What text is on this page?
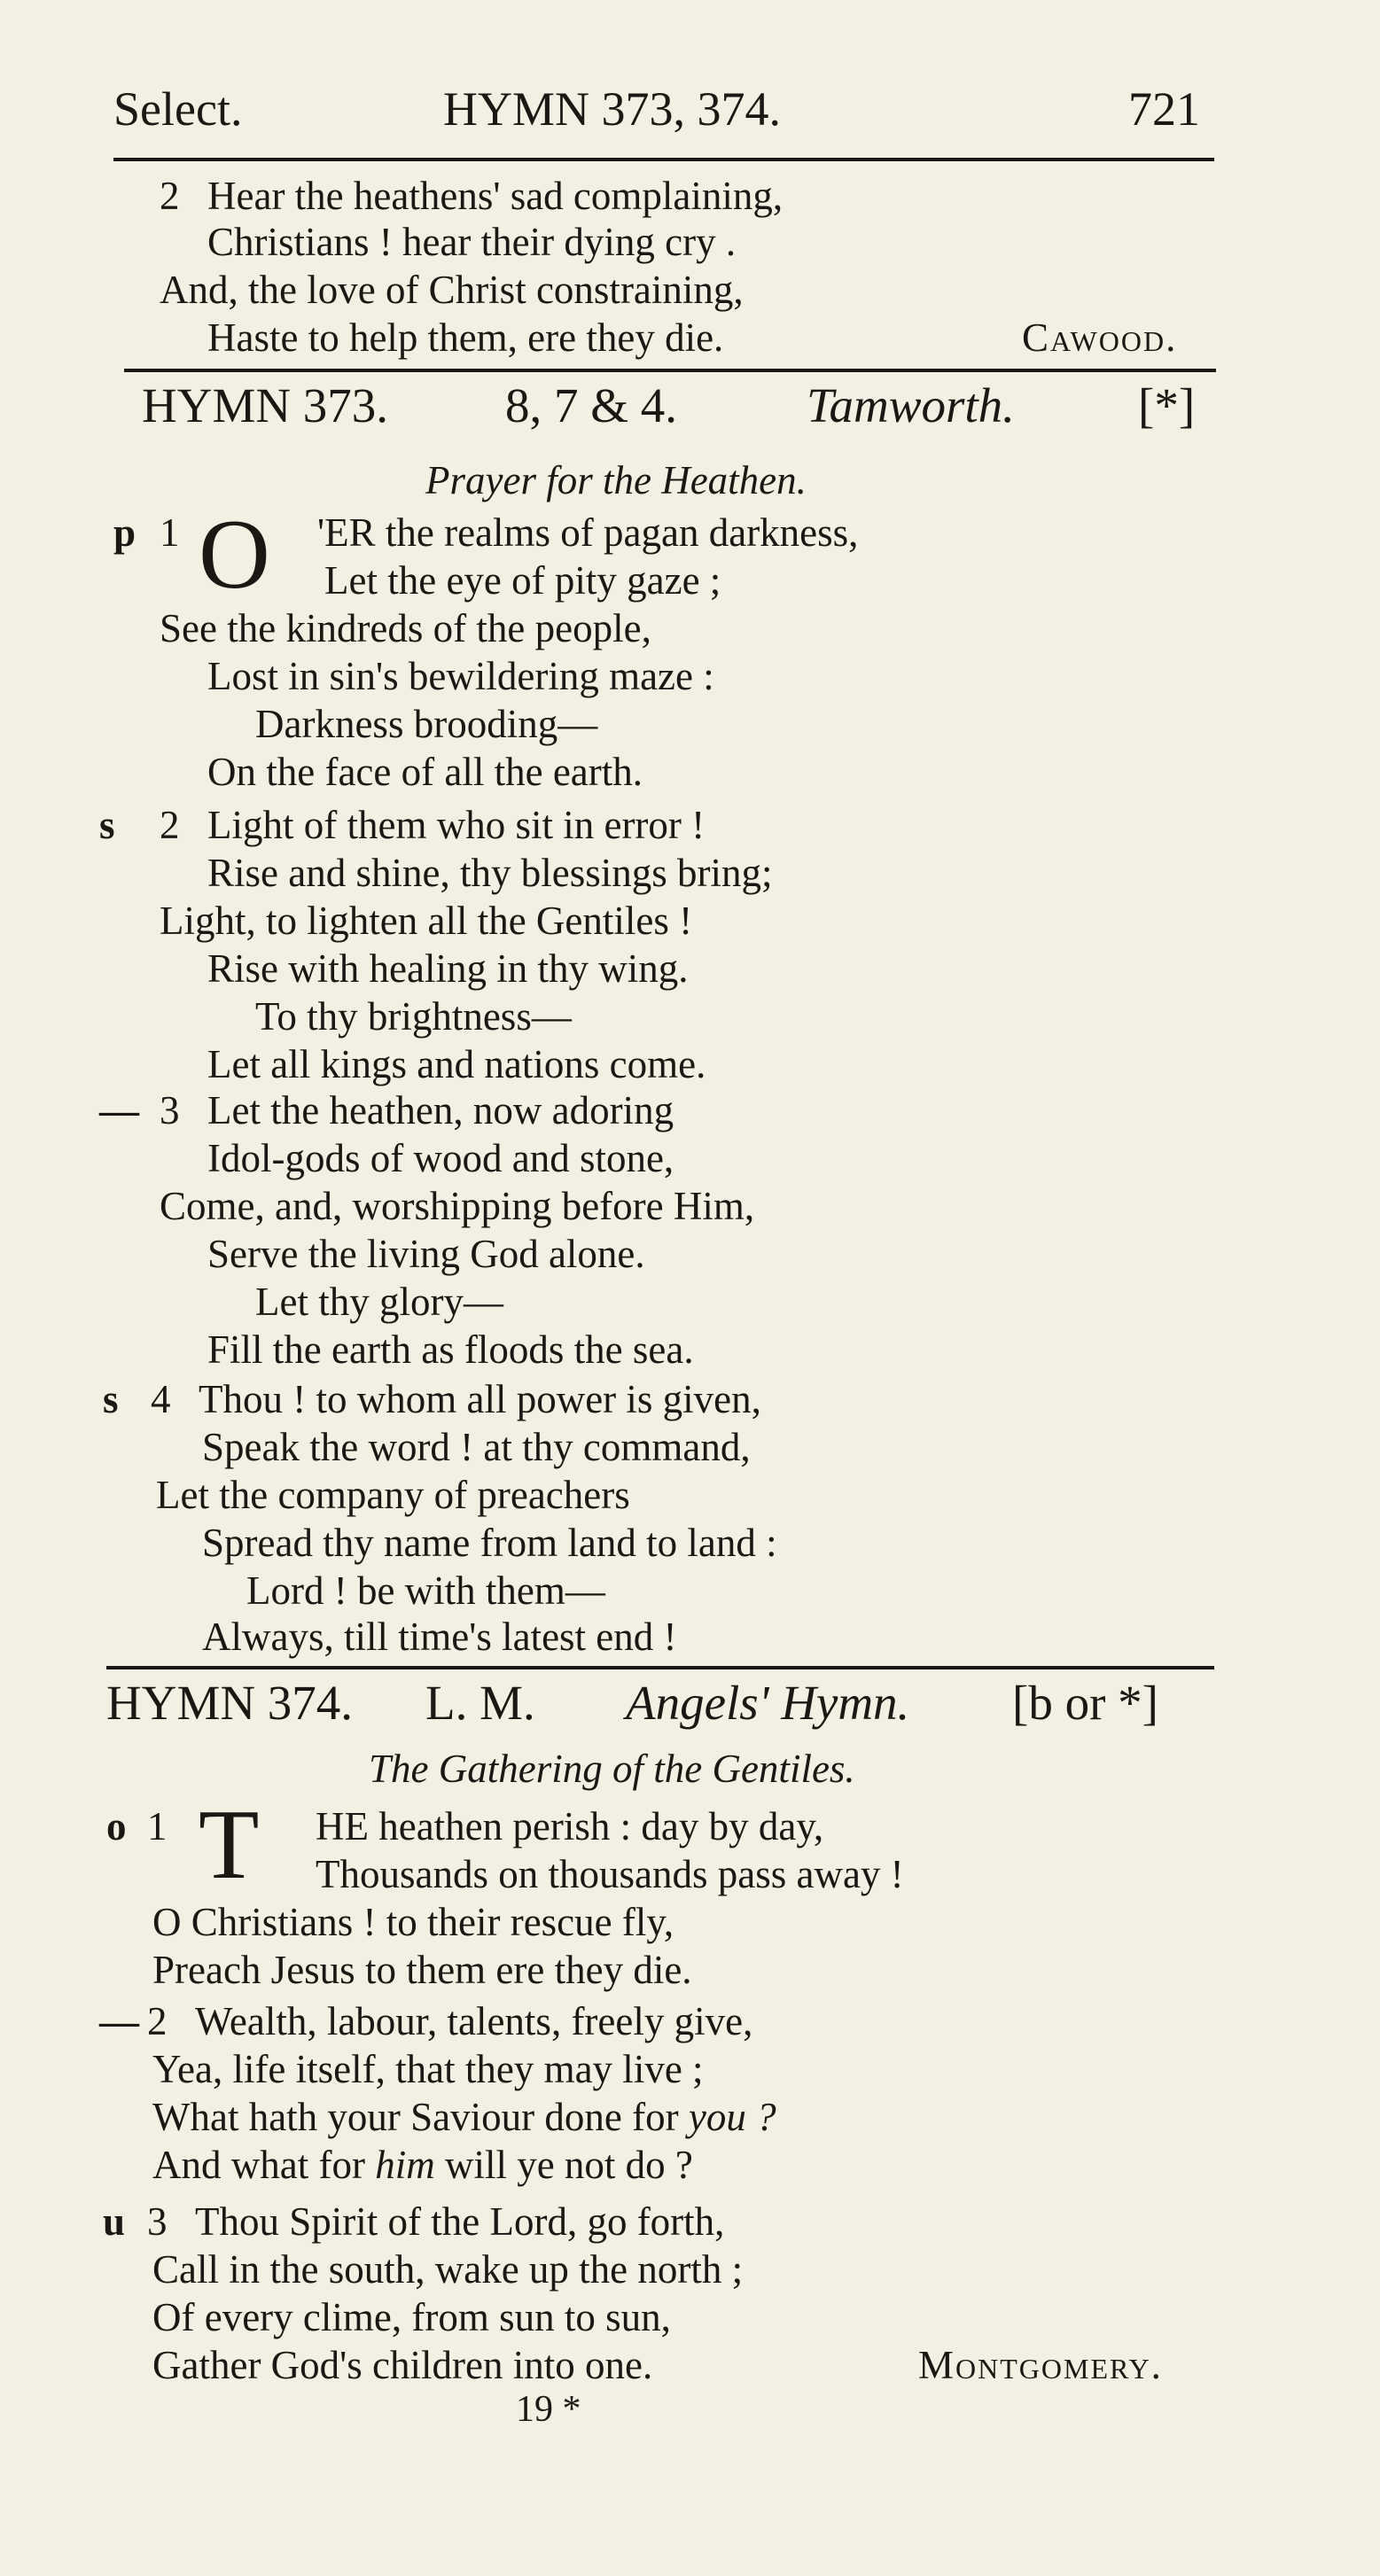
Select.	HYMN 373, 374.	721
2 Hear the heathens' sad complaining,
Christians ! hear their dying cry .
And, the love of Christ constraining,
Haste to help them, ere they die.	Cawood.
HYMN 373. 8, 7 & 4.	Tamworth.	[*]
Prayer for the Heathen.
p 1 O 'ER the realms of pagan darkness,
Let the eye of pity gaze ;
See the kindreds of the people,
Lost in sin's bewildering maze :
Darkness brooding—
On the face of all the earth.
s 2 Light of them who sit in error !
Rise and shine, thy blessings bring;
Light, to lighten all the Gentiles !
Rise with healing in thy wing.
To thy brightness—
Let all kings and nations come.
— 3 Let the heathen, now adoring
Idol-gods of wood and stone,
Come, and, worshipping before Him,
Serve the living God alone.
Let thy glory—
Fill the earth as floods the sea.
s 4 Thou ! to whom all power is given,
Speak the word ! at thy command,
Let the company of preachers
Spread thy name from land to land :
Lord ! be with them—
Always, till time's latest end !
HYMN 374. L. M. Angels' Hymn. [b or *]
The Gathering of the Gentiles.
o 1 T HE heathen perish : day by day,
Thousands on thousands pass away !
O Christians ! to their rescue fly,
Preach Jesus to them ere they die.
— 2 Wealth, labour, talents, freely give,
Yea, life itself, that they may live ;
What hath your Saviour done for you ?
And what for him will ye not do ?
u 3 Thou Spirit of the Lord, go forth,
Call in the south, wake up the north ;
Of every clime, from sun to sun,
Gather God's children into one.	Montgomery.
19 *
